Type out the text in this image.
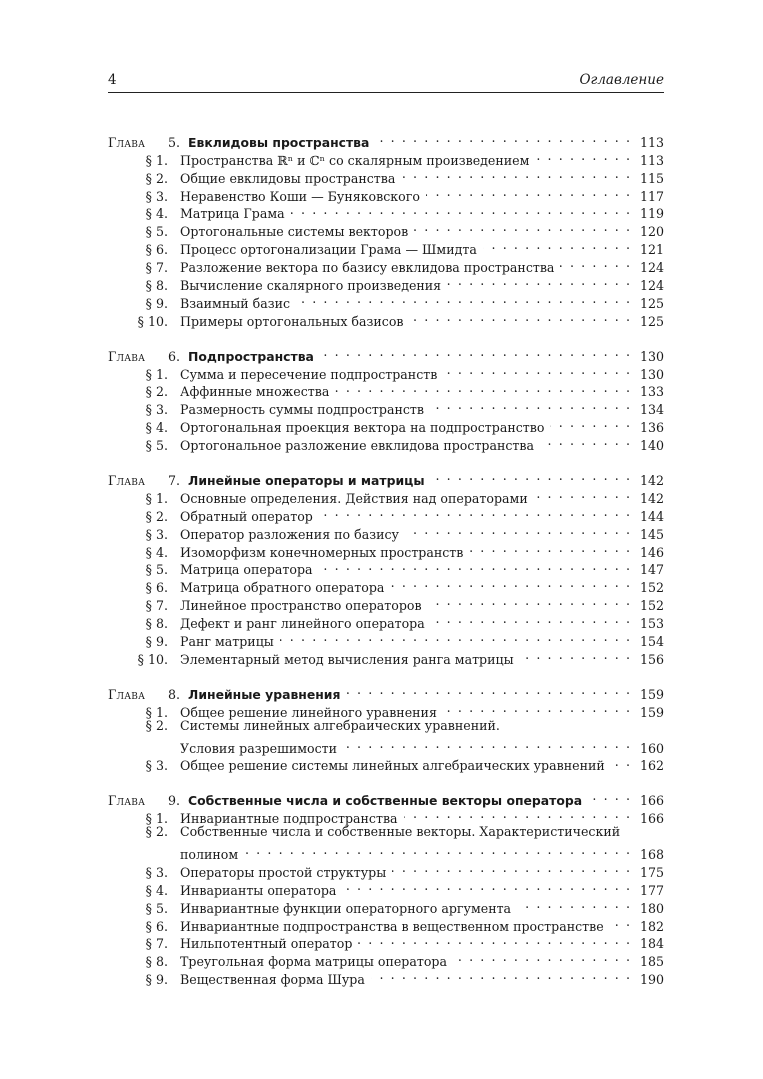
4	Оглавление
Глава	5. Евклидовы пространства . . .	113
§ 1. Пространства ℝⁿ и ℂⁿ со скалярным произведением . . .	113
§ 2. Общие евклидовы пространства . . .	115
§ 3. Неравенство Коши — Буняковского . . .	117
§ 4. Матрица Грама . . .	119
§ 5. Ортогональные системы векторов . . .	120
§ 6. Процесс ортогонализации Грама — Шмидта . . .	121
§ 7. Разложение вектора по базису евклидова пространства . . .	124
§ 8. Вычисление скалярного произведения . . .	124
§ 9. Взаимный базис . . .	125
§ 10. Примеры ортогональных базисов . . .	125
Глава	6. Подпространства . . .	130
§ 1. Сумма и пересечение подпространств . . .	130
§ 2. Аффинные множества . . .	133
§ 3. Размерность суммы подпространств . . .	134
§ 4. Ортогональная проекция вектора на подпространство . . .	136
§ 5. Ортогональное разложение евклидова пространства . . .	140
Глава	7. Линейные операторы и матрицы . . .	142
§ 1. Основные определения. Действия над операторами . . .	142
§ 2. Обратный оператор . . .	144
§ 3. Оператор разложения по базису . . .	145
§ 4. Изоморфизм конечномерных пространств . . .	146
§ 5. Матрица оператора . . .	147
§ 6. Матрица обратного оператора . . .	152
§ 7. Линейное пространство операторов . . .	152
§ 8. Дефект и ранг линейного оператора . . .	153
§ 9. Ранг матрицы . . .	154
§ 10. Элементарный метод вычисления ранга матрицы . . .	156
Глава	8. Линейные уравнения . . .	159
§ 1. Общее решение линейного уравнения . . .	159
§ 2. Системы линейных алгебраических уравнений.
Условия разрешимости . . .	160
§ 3. Общее решение системы линейных алгебраических уравнений . . .	162
Глава	9. Собственные числа и собственные векторы оператора . . .	166
§ 1. Инвариантные подпространства . . .	166
§ 2. Собственные числа и собственные векторы. Характеристический
полином . . .	168
§ 3. Операторы простой структуры . . .	175
§ 4. Инварианты оператора . . .	177
§ 5. Инвариантные функции операторного аргумента . . .	180
§ 6. Инвариантные подпространства в вещественном пространстве . . .	182
§ 7. Нильпотентный оператор . . .	184
§ 8. Треугольная форма матрицы оператора . . .	185
§ 9. Вещественная форма Шура . . .	190
